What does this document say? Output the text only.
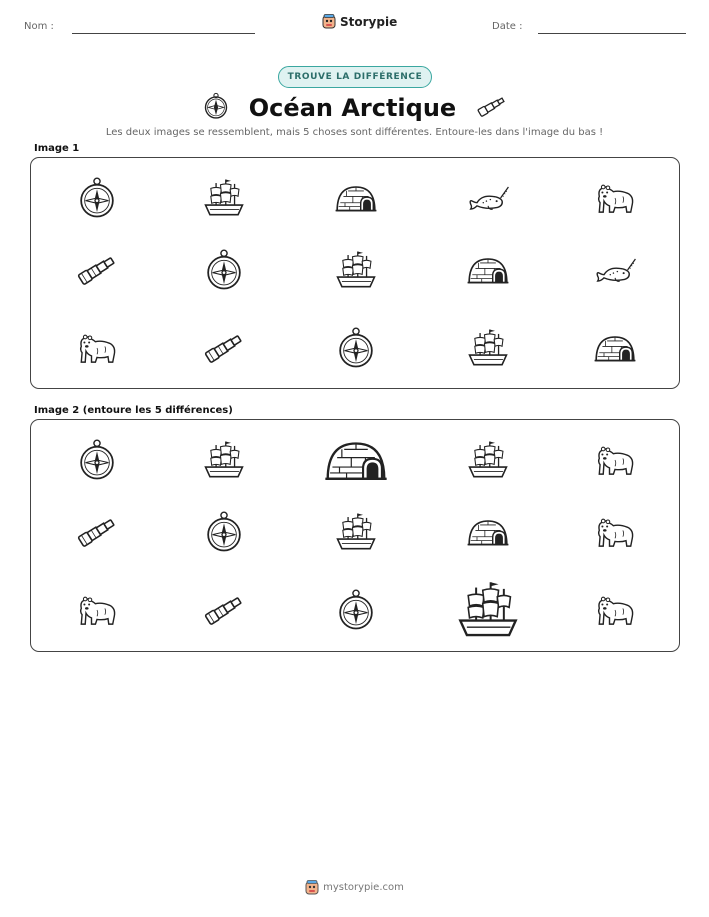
Nom :	Storypie	Date :
TROUVE LA DIFFÉRENCE
Océan Arctique
Les deux images se ressemblent, mais 5 choses sont différentes. Entoure-les dans l'image du bas !
Image 1
Image 2 (entoure les 5 différences)
mystorypie.com
